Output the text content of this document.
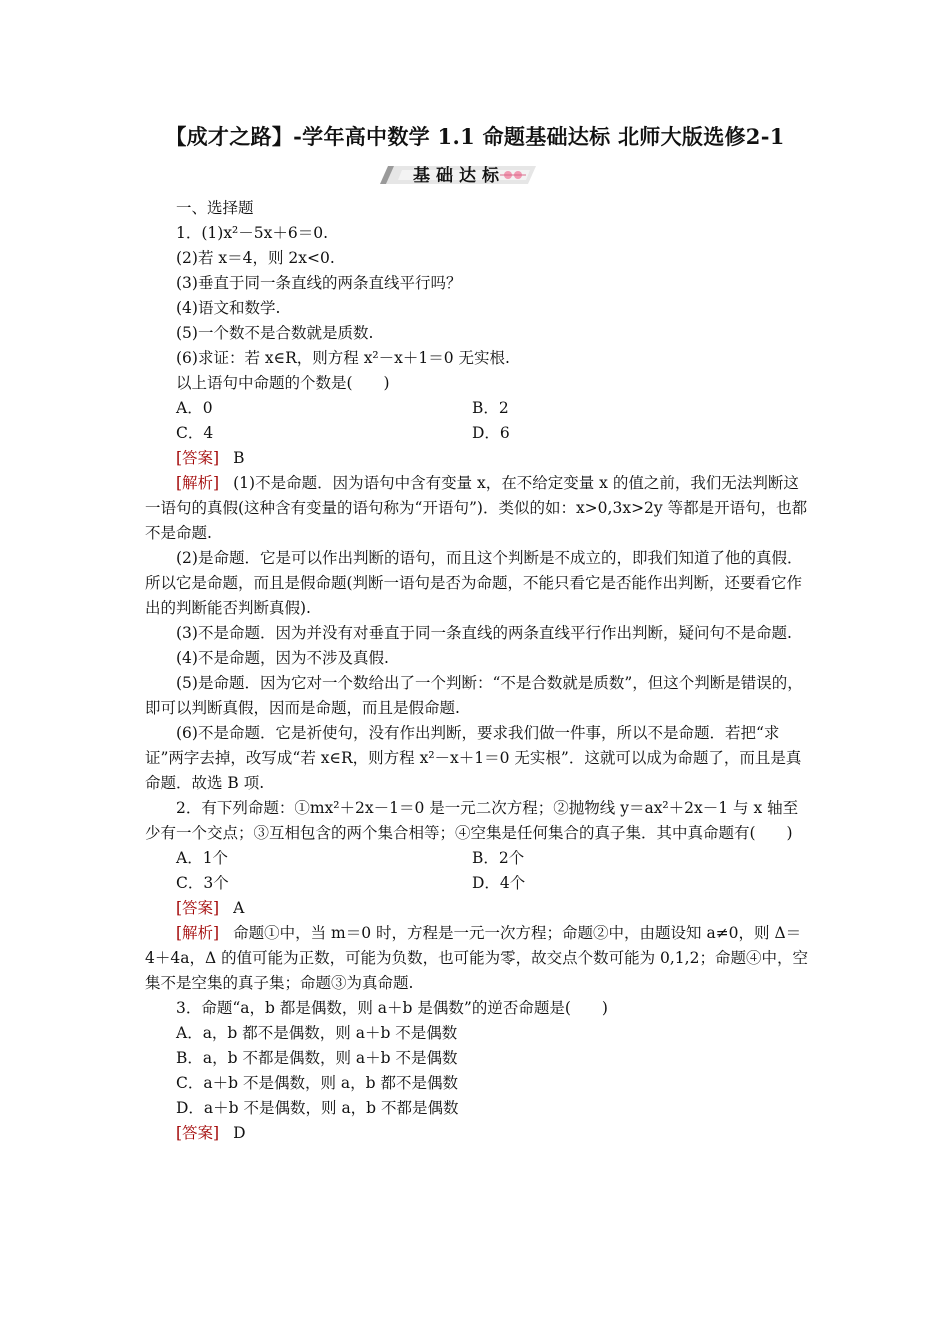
【成才之路】-学年高中数学 1.1 命题基础达标 北师大版选修2-1
基础达标

一、选择题

1．(1)x²－5x＋6＝0.

(2)若 x＝4，则 2x<0.

(3)垂直于同一条直线的两条直线平行吗？

(4)语文和数学.

(5)一个数不是合数就是质数.

(6)求证：若 x∈R，则方程 x²－x＋1＝0 无实根.

以上语句中命题的个数是(　　)

A．0	B．2
C．4	D．6

[答案] B

[解析] (1)不是命题．因为语句中含有变量 x，在不给定变量 x 的值之前，我们无法判断这一语句的真假(这种含有变量的语句称为“开语句”)．类似的如：x>0,3x>2y 等都是开语句，也都不是命题.

(2)是命题．它是可以作出判断的语句，而且这个判断是不成立的，即我们知道了他的真假．所以它是命题，而且是假命题(判断一语句是否为命题，不能只看它是否能作出判断，还要看它作出的判断能否判断真假).

(3)不是命题．因为并没有对垂直于同一条直线的两条直线平行作出判断，疑问句不是命题.

(4)不是命题，因为不涉及真假.

(5)是命题．因为它对一个数给出了一个判断：“不是合数就是质数”，但这个判断是错误的，即可以判断真假，因而是命题，而且是假命题.

(6)不是命题．它是祈使句，没有作出判断，要求我们做一件事，所以不是命题．若把“求证”两字去掉，改写成“若 x∈R，则方程 x²－x＋1＝0 无实根”．这就可以成为命题了，而且是真命题．故选 B 项.

2．有下列命题：①mx²＋2x－1＝0 是一元二次方程；②抛物线 y＝ax²＋2x－1 与 x 轴至少有一个交点；③互相包含的两个集合相等；④空集是任何集合的真子集．其中真命题有(　　)

A．1个	B．2个
C．3个	D．4个

[答案] A

[解析] 命题①中，当 m＝0 时，方程是一元一次方程；命题②中，由题设知 a≠0，则 Δ＝4＋4a，Δ 的值可能为正数，可能为负数，也可能为零，故交点个数可能为 0,1,2；命题④中，空集不是空集的真子集；命题③为真命题.

3．命题“a，b 都是偶数，则 a＋b 是偶数”的逆否命题是(　　)

A．a，b 都不是偶数，则 a＋b 不是偶数

B．a，b 不都是偶数，则 a＋b 不是偶数

C．a＋b 不是偶数，则 a，b 都不是偶数

D．a＋b 不是偶数，则 a，b 不都是偶数

[答案] D
